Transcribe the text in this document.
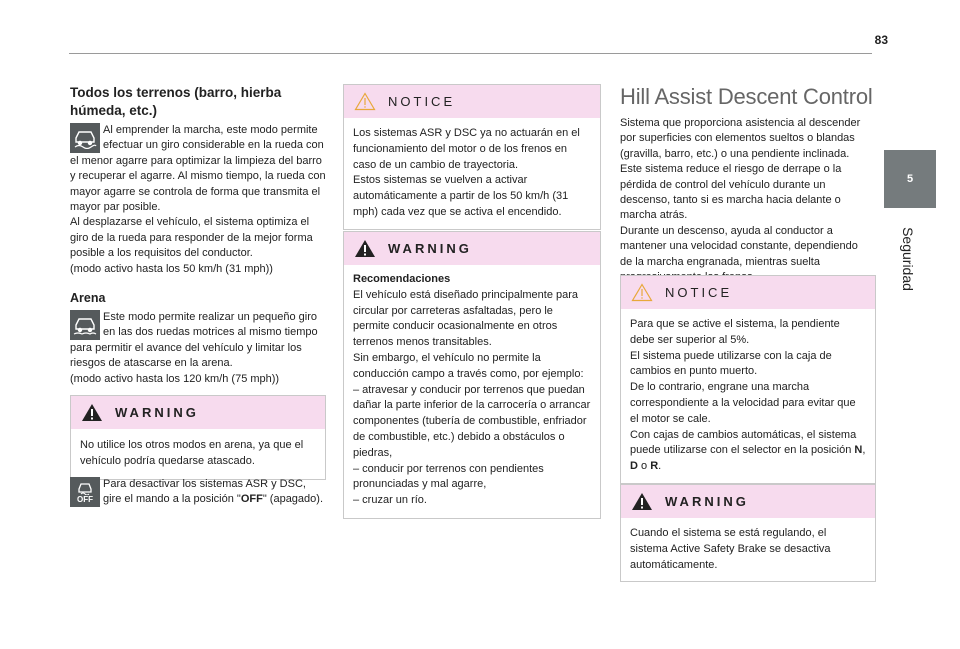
83
5
Seguridad
Todos los terrenos (barro, hierba húmeda, etc.)

Al emprender la marcha, este modo permite efectuar un giro considerable en la rueda con el menor agarre para optimizar la limpieza del barro y recuperar el agarre. Al mismo tiempo, la rueda con mayor agarre se controla de forma que transmita el mayor par posible.

Al desplazarse el vehículo, el sistema optimiza el giro de la rueda para responder de la mejor forma posible a los requisitos del conductor.

(modo activo hasta los 50 km/h (31 mph))

Arena

Este modo permite realizar un pequeño giro en las dos ruedas motrices al mismo tiempo para permitir el avance del vehículo y limitar los riesgos de atascarse en la arena.

(modo activo hasta los 120 km/h (75 mph))

WARNING

No utilice los otros modos en arena, ya que el vehículo podría quedarse atascado.

OFF

Para desactivar los sistemas ASR y DSC, gire el mando a la posición "OFF" (apagado).

NOTICE

Los sistemas ASR y DSC ya no actuarán en el funcionamiento del motor o de los frenos en caso de un cambio de trayectoria.

Estos sistemas se vuelven a activar automáticamente a partir de los 50 km/h (31 mph) cada vez que se activa el encendido.

WARNING

Recomendaciones

El vehículo está diseñado principalmente para circular por carreteras asfaltadas, pero le permite conducir ocasionalmente en otros terrenos menos transitables.

Sin embargo, el vehículo no permite la conducción campo a través como, por ejemplo:

– atravesar y conducir por terrenos que puedan dañar la parte inferior de la carrocería o arrancar componentes (tubería de combustible, enfriador de combustible, etc.) debido a obstáculos o piedras,

– conducir por terrenos con pendientes pronunciadas y mal agarre,

– cruzar un río.

Hill Assist Descent Control

Sistema que proporciona asistencia al descender por superficies con elementos sueltos o blandas (gravilla, barro, etc.) o una pendiente inclinada.

Este sistema reduce el riesgo de derrape o la pérdida de control del vehículo durante un descenso, tanto si es marcha hacia delante o marcha atrás.

Durante un descenso, ayuda al conductor a mantener una velocidad constante, dependiendo de la marcha engranada, mientras suelta

NOTICE

Para que se active el sistema, la pendiente debe ser superior al 5%.

El sistema puede utilizarse con la caja de cambios en punto muerto.

De lo contrario, engrane una marcha correspondiente a la velocidad para evitar que el motor se cale.

Con cajas de cambios automáticas, el sistema puede utilizarse con el selector en la posición N,
D o R.

WARNING

Cuando el sistema se está regulando, el sistema Active Safety Brake se desactiva automáticamente.
